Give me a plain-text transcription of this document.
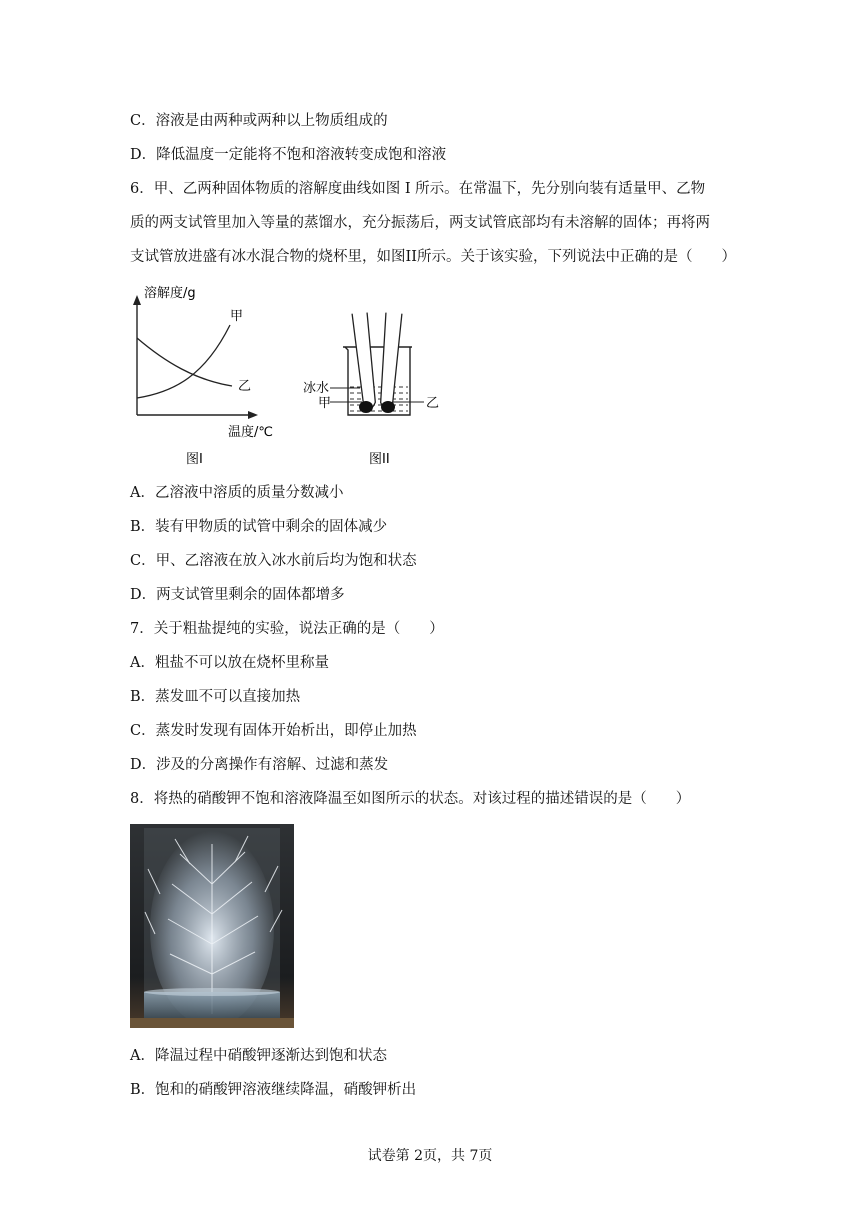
C．溶液是由两种或两种以上物质组成的
D．降低温度一定能将不饱和溶液转变成饱和溶液
6．甲、乙两种固体物质的溶解度曲线如图 I 所示。在常温下，先分别向装有适量甲、乙物
质的两支试管里加入等量的蒸馏水，充分振荡后，两支试管底部均有未溶解的固体；再将两
支试管放进盛有冰水混合物的烧杯里，如图II所示。关于该实验，下列说法中正确的是（　　）
溶解度/g
甲
乙
温度/℃
图I
冰水
甲	乙
图II
A．乙溶液中溶质的质量分数减小
B．装有甲物质的试管中剩余的固体减少
C．甲、乙溶液在放入冰水前后均为饱和状态
D．两支试管里剩余的固体都增多
7．关于粗盐提纯的实验，说法正确的是（　　）
A．粗盐不可以放在烧杯里称量
B．蒸发皿不可以直接加热
C．蒸发时发现有固体开始析出，即停止加热
D．涉及的分离操作有溶解、过滤和蒸发
8．将热的硝酸钾不饱和溶液降温至如图所示的状态。对该过程的描述错误的是（　　）
A．降温过程中硝酸钾逐渐达到饱和状态
B．饱和的硝酸钾溶液继续降温，硝酸钾析出
试卷第 2页，共 7页
